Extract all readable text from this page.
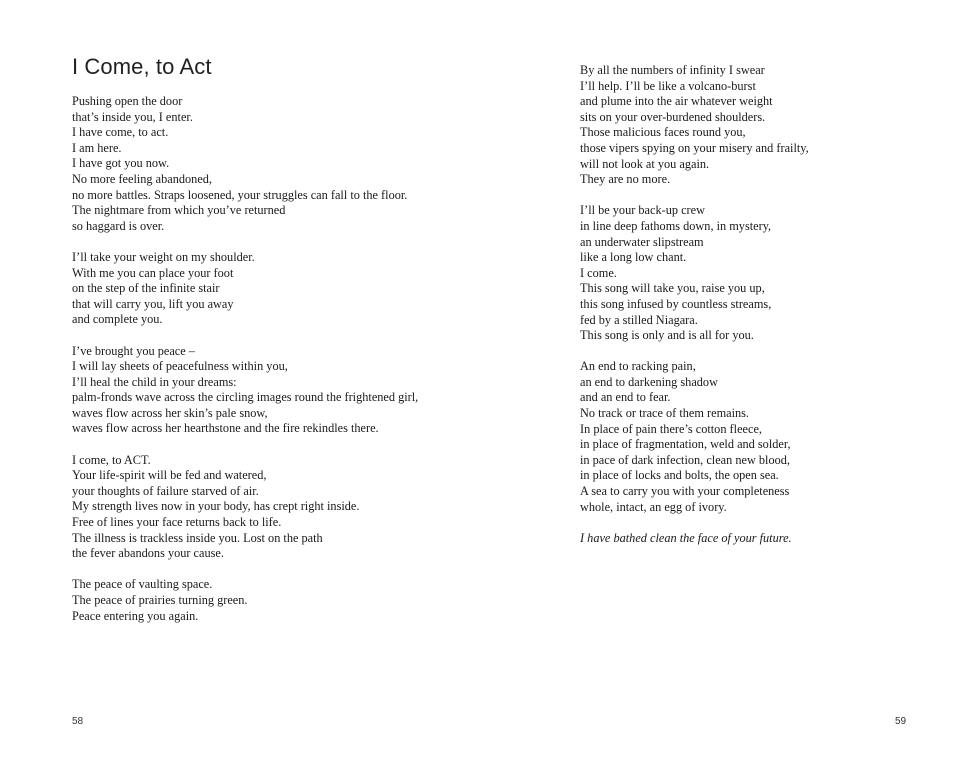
I Come, to Act
Pushing open the door
that’s inside you, I enter.
I have come, to act.
I am here.
I have got you now.
No more feeling abandoned,
no more battles. Straps loosened, your struggles can fall to the floor.
The nightmare from which you’ve returned
so haggard is over.
I’ll take your weight on my shoulder.
With me you can place your foot
on the step of the infinite stair
that will carry you, lift you away
and complete you.
I’ve brought you peace –
I will lay sheets of peacefulness within you,
I’ll heal the child in your dreams:
palm-fronds wave across the circling images round the frightened girl,
waves flow across her skin’s pale snow,
waves flow across her hearthstone and the fire rekindles there.
I come, to ACT.
Your life-spirit will be fed and watered,
your thoughts of failure starved of air.
My strength lives now in your body, has crept right inside.
Free of lines your face returns back to life.
The illness is trackless inside you. Lost on the path
the fever abandons your cause.
The peace of vaulting space.
The peace of prairies turning green.
Peace entering you again.
58
By all the numbers of infinity I swear
I’ll help. I’ll be like a volcano-burst
and plume into the air whatever weight
sits on your over-burdened shoulders.
Those malicious faces round you,
those vipers spying on your misery and frailty,
will not look at you again.
They are no more.
I’ll be your back-up crew
in line deep fathoms down, in mystery,
an underwater slipstream
like a long low chant.
I come.
This song will take you, raise you up,
this song infused by countless streams,
fed by a stilled Niagara.
This song is only and is all for you.
An end to racking pain,
an end to darkening shadow
and an end to fear.
No track or trace of them remains.
In place of pain there’s cotton fleece,
in place of fragmentation, weld and solder,
in pace of dark infection, clean new blood,
in place of locks and bolts, the open sea.
A sea to carry you with your completeness
whole, intact, an egg of ivory.
I have bathed clean the face of your future.
59
